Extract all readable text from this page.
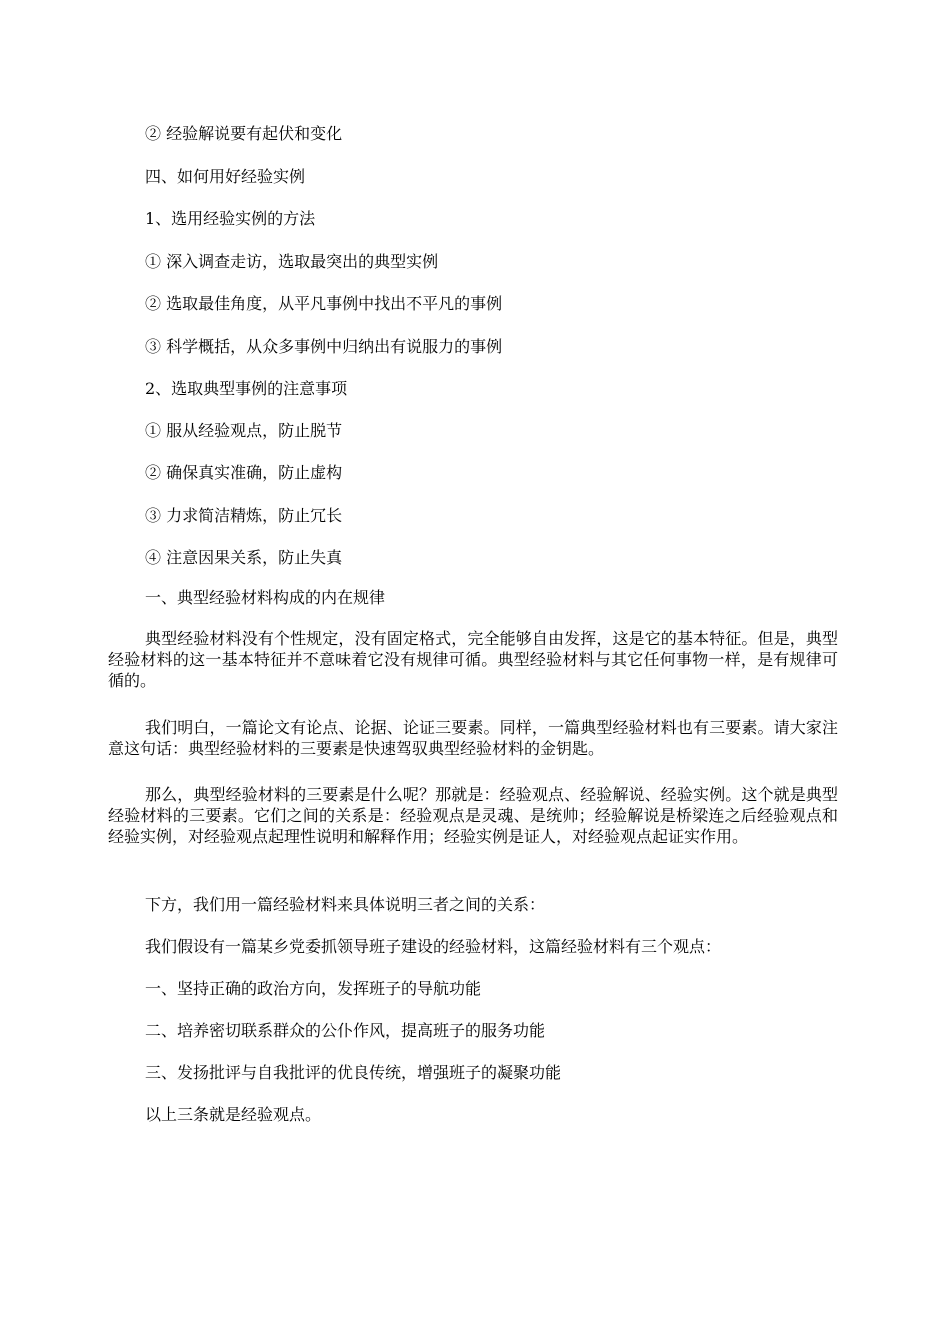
② 经验解说要有起伏和变化
四、如何用好经验实例
1、选用经验实例的方法
① 深入调查走访，选取最突出的典型实例
② 选取最佳角度，从平凡事例中找出不平凡的事例
③ 科学概括，从众多事例中归纳出有说服力的事例
2、选取典型事例的注意事项
① 服从经验观点，防止脱节
② 确保真实准确，防止虚构
③ 力求简洁精炼，防止冗长
④ 注意因果关系，防止失真
一、典型经验材料构成的内在规律
典型经验材料没有个性规定，没有固定格式，完全能够自由发挥，这是它的基本特征。但是，典型经验材料的这一基本特征并不意味着它没有规律可循。典型经验材料与其它任何事物一样，是有规律可循的。
我们明白，一篇论文有论点、论据、论证三要素。同样，一篇典型经验材料也有三要素。请大家注意这句话：典型经验材料的三要素是快速驾驭典型经验材料的金钥匙。
那么，典型经验材料的三要素是什么呢？那就是：经验观点、经验解说、经验实例。这个就是典型经验材料的三要素。它们之间的关系是：经验观点是灵魂、是统帅；经验解说是桥梁连之后经验观点和经验实例，对经验观点起理性说明和解释作用；经验实例是证人，对经验观点起证实作用。
下方，我们用一篇经验材料来具体说明三者之间的关系：
我们假设有一篇某乡党委抓领导班子建设的经验材料，这篇经验材料有三个观点：
一、坚持正确的政治方向，发挥班子的导航功能
二、培养密切联系群众的公仆作风，提高班子的服务功能
三、发扬批评与自我批评的优良传统，增强班子的凝聚功能
以上三条就是经验观点。
